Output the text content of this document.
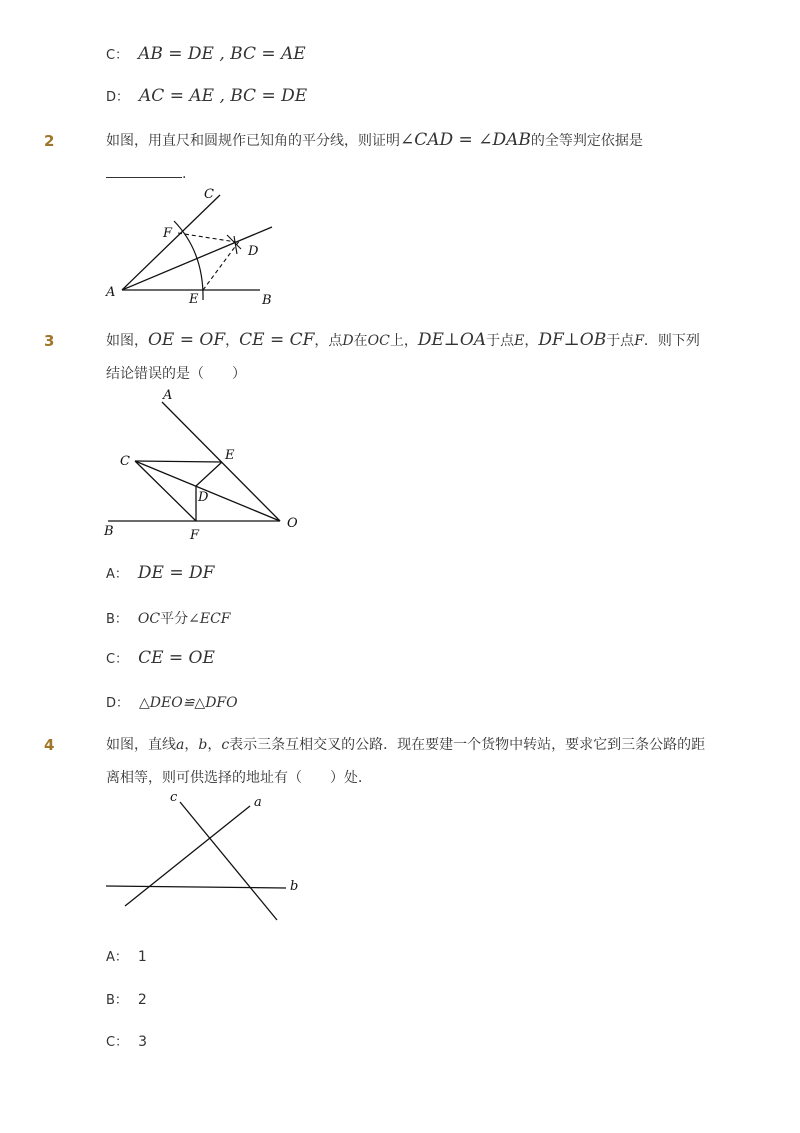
C： AB = DE , BC = AE
D： AC = AE , BC = DE
2	如图，用直尺和圆规作已知角的平分线，则证明∠CAD = ∠DAB的全等判定依据是
.
C
F
D
A	E	B
3	如图，OE = OF，CE = CF，点D在OC上，DE⊥OA于点E，DF⊥OB于点F．则下列
结论错误的是（　　）
A
C	E
D
B	F
O
A： DE = DF
B： OC平分∠ECF
C： CE = OE
D： △DEO≌△DFO
4	如图，直线a，b，c表示三条互相交叉的公路．现在要建一个货物中转站，要求它到三条公路的距
离相等，则可供选择的地址有（　　）处．
c	a
b
A： 1
B： 2
C： 3
